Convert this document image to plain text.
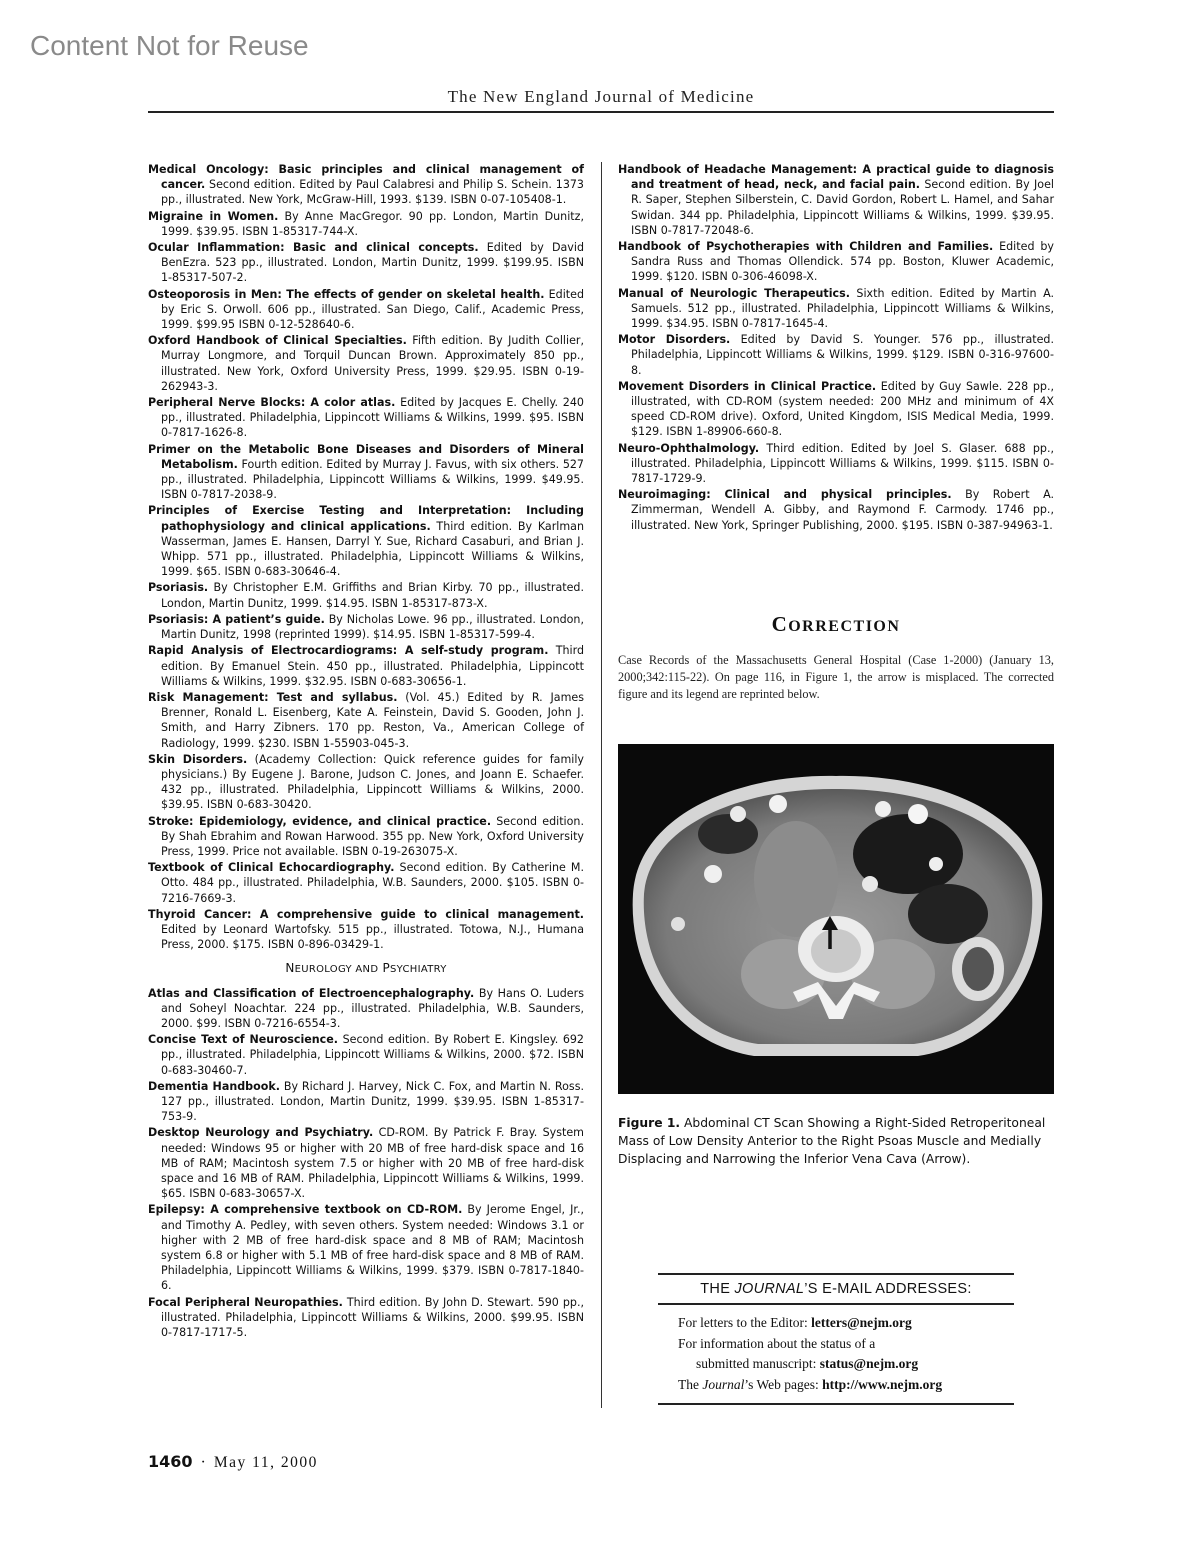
Content Not for Reuse
The New England Journal of Medicine
Medical Oncology: Basic principles and clinical management of cancer. Second edition. Edited by Paul Calabresi and Philip S. Schein. 1373 pp., illustrated. New York, McGraw-Hill, 1993. $139. ISBN 0-07-105408-1.
Migraine in Women. By Anne MacGregor. 90 pp. London, Martin Dunitz, 1999. $39.95. ISBN 1-85317-744-X.
Ocular Inflammation: Basic and clinical concepts. Edited by David BenEzra. 523 pp., illustrated. London, Martin Dunitz, 1999. $199.95. ISBN 1-85317-507-2.
Osteoporosis in Men: The effects of gender on skeletal health. Edited by Eric S. Orwoll. 606 pp., illustrated. San Diego, Calif., Academic Press, 1999. $99.95 ISBN 0-12-528640-6.
Oxford Handbook of Clinical Specialties. Fifth edition. By Judith Collier, Murray Longmore, and Torquil Duncan Brown. Approximately 850 pp., illustrated. New York, Oxford University Press, 1999. $29.95. ISBN 0-19-262943-3.
Peripheral Nerve Blocks: A color atlas. Edited by Jacques E. Chelly. 240 pp., illustrated. Philadelphia, Lippincott Williams & Wilkins, 1999. $95. ISBN 0-7817-1626-8.
Primer on the Metabolic Bone Diseases and Disorders of Mineral Metabolism. Fourth edition. Edited by Murray J. Favus, with six others. 527 pp., illustrated. Philadelphia, Lippincott Williams & Wilkins, 1999. $49.95. ISBN 0-7817-2038-9.
Principles of Exercise Testing and Interpretation: Including pathophysiology and clinical applications. Third edition. By Karlman Wasserman, James E. Hansen, Darryl Y. Sue, Richard Casaburi, and Brian J. Whipp. 571 pp., illustrated. Philadelphia, Lippincott Williams & Wilkins, 1999. $65. ISBN 0-683-30646-4.
Psoriasis. By Christopher E.M. Griffiths and Brian Kirby. 70 pp., illustrated. London, Martin Dunitz, 1999. $14.95. ISBN 1-85317-873-X.
Psoriasis: A patient’s guide. By Nicholas Lowe. 96 pp., illustrated. London, Martin Dunitz, 1998 (reprinted 1999). $14.95. ISBN 1-85317-599-4.
Rapid Analysis of Electrocardiograms: A self-study program. Third edition. By Emanuel Stein. 450 pp., illustrated. Philadelphia, Lippincott Williams & Wilkins, 1999. $32.95. ISBN 0-683-30656-1.
Risk Management: Test and syllabus. (Vol. 45.) Edited by R. James Brenner, Ronald L. Eisenberg, Kate A. Feinstein, David S. Gooden, John J. Smith, and Harry Zibners. 170 pp. Reston, Va., American College of Radiology, 1999. $230. ISBN 1-55903-045-3.
Skin Disorders. (Academy Collection: Quick reference guides for family physicians.) By Eugene J. Barone, Judson C. Jones, and Joann E. Schaefer. 432 pp., illustrated. Philadelphia, Lippincott Williams & Wilkins, 2000. $39.95. ISBN 0-683-30420.
Stroke: Epidemiology, evidence, and clinical practice. Second edition. By Shah Ebrahim and Rowan Harwood. 355 pp. New York, Oxford University Press, 1999. Price not available. ISBN 0-19-263075-X.
Textbook of Clinical Echocardiography. Second edition. By Catherine M. Otto. 484 pp., illustrated. Philadelphia, W.B. Saunders, 2000. $105. ISBN 0-7216-7669-3.
Thyroid Cancer: A comprehensive guide to clinical management. Edited by Leonard Wartofsky. 515 pp., illustrated. Totowa, N.J., Humana Press, 2000. $175. ISBN 0-896-03429-1.
NEUROLOGY AND PSYCHIATRY
Atlas and Classification of Electroencephalography. By Hans O. Luders and Soheyl Noachtar. 224 pp., illustrated. Philadelphia, W.B. Saunders, 2000. $99. ISBN 0-7216-6554-3.
Concise Text of Neuroscience. Second edition. By Robert E. Kingsley. 692 pp., illustrated. Philadelphia, Lippincott Williams & Wilkins, 2000. $72. ISBN 0-683-30460-7.
Dementia Handbook. By Richard J. Harvey, Nick C. Fox, and Martin N. Ross. 127 pp., illustrated. London, Martin Dunitz, 1999. $39.95. ISBN 1-85317-753-9.
Desktop Neurology and Psychiatry. CD-ROM. By Patrick F. Bray. System needed: Windows 95 or higher with 20 MB of free hard-disk space and 16 MB of RAM; Macintosh system 7.5 or higher with 20 MB of free hard-disk space and 16 MB of RAM. Philadelphia, Lippincott Williams & Wilkins, 1999. $65. ISBN 0-683-30657-X.
Epilepsy: A comprehensive textbook on CD-ROM. By Jerome Engel, Jr., and Timothy A. Pedley, with seven others. System needed: Windows 3.1 or higher with 2 MB of free hard-disk space and 8 MB of RAM; Macintosh system 6.8 or higher with 5.1 MB of free hard-disk space and 8 MB of RAM. Philadelphia, Lippincott Williams & Wilkins, 1999. $379. ISBN 0-7817-1840-6.
Focal Peripheral Neuropathies. Third edition. By John D. Stewart. 590 pp., illustrated. Philadelphia, Lippincott Williams & Wilkins, 2000. $99.95. ISBN 0-7817-1717-5.
Handbook of Headache Management: A practical guide to diagnosis and treatment of head, neck, and facial pain. Second edition. By Joel R. Saper, Stephen Silberstein, C. David Gordon, Robert L. Hamel, and Sahar Swidan. 344 pp. Philadelphia, Lippincott Williams & Wilkins, 1999. $39.95. ISBN 0-7817-72048-6.
Handbook of Psychotherapies with Children and Families. Edited by Sandra Russ and Thomas Ollendick. 574 pp. Boston, Kluwer Academic, 1999. $120. ISBN 0-306-46098-X.
Manual of Neurologic Therapeutics. Sixth edition. Edited by Martin A. Samuels. 512 pp., illustrated. Philadelphia, Lippincott Williams & Wilkins, 1999. $34.95. ISBN 0-7817-1645-4.
Motor Disorders. Edited by David S. Younger. 576 pp., illustrated. Philadelphia, Lippincott Williams & Wilkins, 1999. $129. ISBN 0-316-97600-8.
Movement Disorders in Clinical Practice. Edited by Guy Sawle. 228 pp., illustrated, with CD-ROM (system needed: 200 MHz and minimum of 4X speed CD-ROM drive). Oxford, United Kingdom, ISIS Medical Media, 1999. $129. ISBN 1-89906-660-8.
Neuro-Ophthalmology. Third edition. Edited by Joel S. Glaser. 688 pp., illustrated. Philadelphia, Lippincott Williams & Wilkins, 1999. $115. ISBN 0-7817-1729-9.
Neuroimaging: Clinical and physical principles. By Robert A. Zimmerman, Wendell A. Gibby, and Raymond F. Carmody. 1746 pp., illustrated. New York, Springer Publishing, 2000. $195. ISBN 0-387-94963-1.
CORRECTION
Case Records of the Massachusetts General Hospital (Case 1-2000) (January 13, 2000;342:115-22). On page 116, in Figure 1, the arrow is misplaced. The corrected figure and its legend are reprinted below.
Figure 1. Abdominal CT Scan Showing a Right-Sided Retroperitoneal Mass of Low Density Anterior to the Right Psoas Muscle and Medially Displacing and Narrowing the Inferior Vena Cava (Arrow).
THE JOURNAL’S E-MAIL ADDRESSES:
For letters to the Editor: letters@nejm.org
For information about the status of a
submitted manuscript: status@nejm.org
The Journal’s Web pages: http://www.nejm.org
1460 · May 11, 2000
